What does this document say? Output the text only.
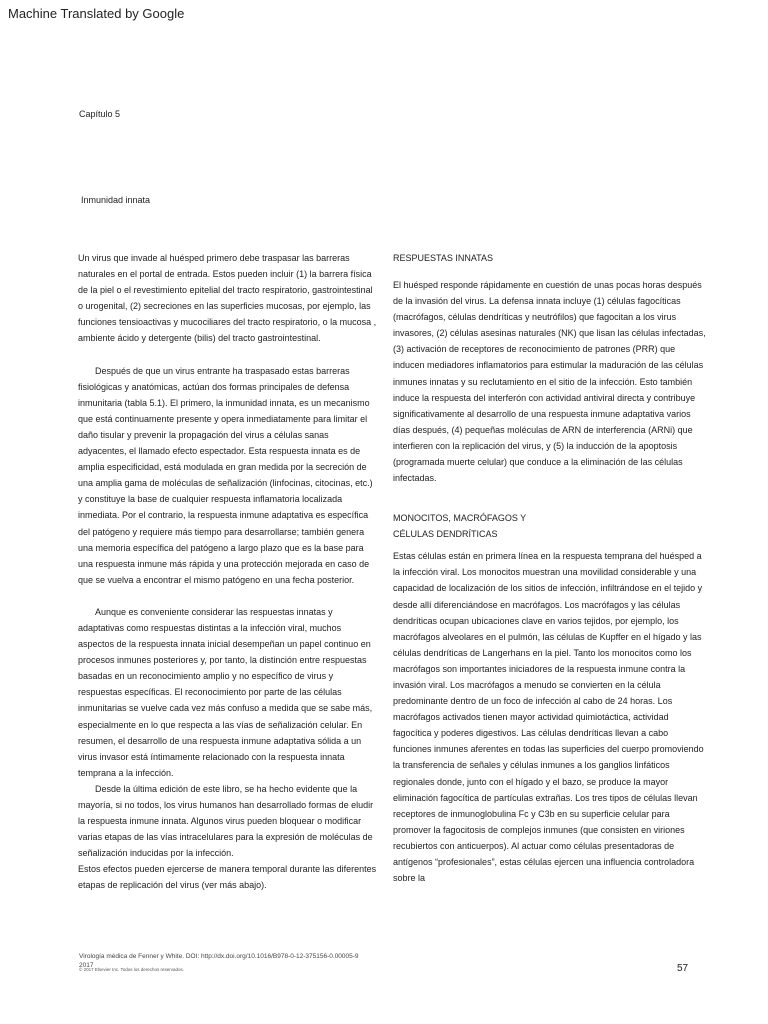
Machine Translated by Google
Capítulo 5
Inmunidad innata

Un virus que invade al huésped primero debe traspasar las barreras naturales en el portal de entrada. Estos pueden incluir (1) la barrera física de la piel o el revestimiento epitelial del tracto respiratorio, gastrointestinal o urogenital, (2) secreciones en las superficies mucosas, por ejemplo, las funciones tensioactivas y mucociliares del tracto respiratorio, o la mucosa , ambiente ácido y detergente (bilis) del tracto gastrointestinal.

Después de que un virus entrante ha traspasado estas barreras fisiológicas y anatómicas, actúan dos formas principales de defensa inmunitaria (tabla 5.1). El primero, la inmunidad innata, es un mecanismo que está continuamente presente y opera inmediatamente para limitar el daño tisular y prevenir la propagación del virus a células sanas adyacentes, el llamado efecto espectador. Esta respuesta innata es de amplia especificidad, está modulada en gran medida por la secreción de una amplia gama de moléculas de señalización (linfocinas, citocinas, etc.) y constituye la base de cualquier respuesta inflamatoria localizada inmediata. Por el contrario, la respuesta inmune adaptativa es específica del patógeno y requiere más tiempo para desarrollarse; también genera una memoria específica del patógeno a largo plazo que es la base para una respuesta inmune más rápida y una protección mejorada en caso de que se vuelva a encontrar el mismo patógeno en una fecha posterior.

Aunque es conveniente considerar las respuestas innatas y adaptativas como respuestas distintas a la infección viral, muchos aspectos de la respuesta innata inicial desempeñan un papel continuo en procesos inmunes posteriores y, por tanto, la distinción entre respuestas basadas en un reconocimiento amplio y no específico de virus y respuestas específicas. El reconocimiento por parte de las células inmunitarias se vuelve cada vez más confuso a medida que se sabe más, especialmente en lo que respecta a las vías de señalización celular. En resumen, el desarrollo de una respuesta inmune adaptativa sólida a un virus invasor está íntimamente relacionado con la respuesta innata temprana a la infección.

Desde la última edición de este libro, se ha hecho evidente que la mayoría, si no todos, los virus humanos han desarrollado formas de eludir la respuesta inmune innata. Algunos virus pueden bloquear o modificar varias etapas de las vías intracelulares para la expresión de moléculas de señalización inducidas por la infección.

Estos efectos pueden ejercerse de manera temporal durante las diferentes etapas de replicación del virus (ver más abajo).

RESPUESTAS INNATAS

El huésped responde rápidamente en cuestión de unas pocas horas después de la invasión del virus. La defensa innata incluye (1) células fagocíticas (macrófagos, células dendríticas y neutrófilos) que fagocitan a los virus invasores, (2) células asesinas naturales (NK) que lisan las células infectadas, (3) activación de receptores de reconocimiento de patrones (PRR) que inducen mediadores inflamatorios para estimular la maduración de las células inmunes innatas y su reclutamiento en el sitio de la infección. Esto también induce la respuesta del interferón con actividad antiviral directa y contribuye significativamente al desarrollo de una respuesta inmune adaptativa varios días después, (4) pequeñas moléculas de ARN de interferencia (ARNi) que interfieren con la replicación del virus, y (5) la inducción de la apoptosis (programada muerte celular) que conduce a la eliminación de las células infectadas.

MONOCITOS, MACRÓFAGOS Y
CÉLULAS DENDRÍTICAS

Estas células están en primera línea en la respuesta temprana del huésped a la infección viral. Los monocitos muestran una movilidad considerable y una capacidad de localización de los sitios de infección, infiltrándose en el tejido y desde allí diferenciándose en macrófagos. Los macrófagos y las células dendríticas ocupan ubicaciones clave en varios tejidos, por ejemplo, los macrófagos alveolares en el pulmón, las células de Kupffer en el hígado y las células dendríticas de Langerhans en la piel. Tanto los monocitos como los macrófagos son importantes iniciadores de la respuesta inmune contra la invasión viral. Los macrófagos a menudo se convierten en la célula predominante dentro de un foco de infección al cabo de 24 horas. Los macrófagos activados tienen mayor actividad quimiotáctica, actividad fagocítica y poderes digestivos. Las células dendríticas llevan a cabo funciones inmunes aferentes en todas las superficies del cuerpo promoviendo la transferencia de señales y células inmunes a los ganglios linfáticos regionales donde, junto con el hígado y el bazo, se produce la mayor eliminación fagocítica de partículas extrañas. Los tres tipos de células llevan receptores de inmunoglobulina Fc y C3b en su superficie celular para promover la fagocitosis de complejos inmunes (que consisten en viriones recubiertos con anticuerpos). Al actuar como células presentadoras de antígenos “profesionales”, estas células ejercen una influencia controladora sobre la

Virología médica de Fenner y White. DOI: http://dx.doi.org/10.1016/B978-0-12-375156-0.00005-9
2017
© 2017 Elsevier Inc. Todos los derechos reservados.	57
